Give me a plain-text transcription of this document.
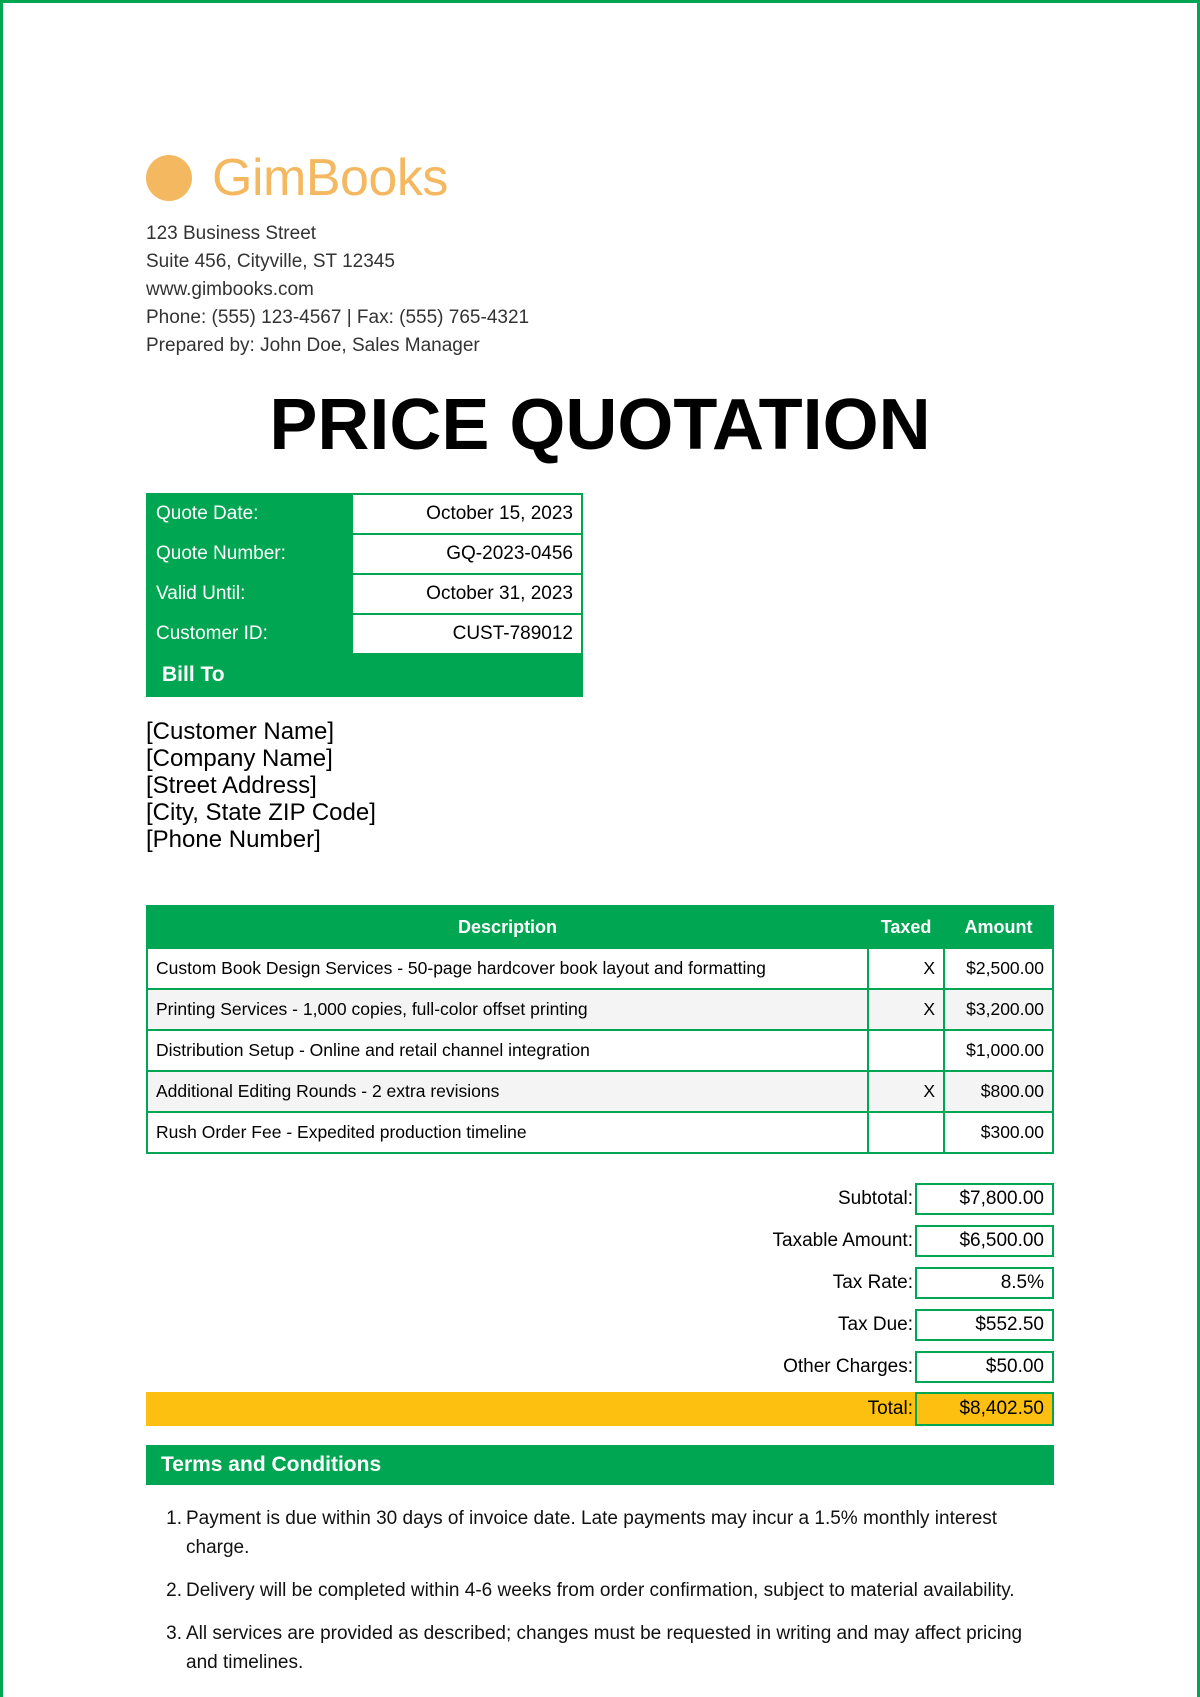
GimBooks
123 Business Street
Suite 456, Cityville, ST 12345
www.gimbooks.com
Phone: (555) 123-4567 | Fax: (555) 765-4321
Prepared by: John Doe, Sales Manager
PRICE QUOTATION
Quote Date:	October 15, 2023
Quote Number:	GQ-2023-0456
Valid Until:	October 31, 2023
Customer ID:	CUST-789012
Bill To
[Customer Name]
[Company Name]
[Street Address]
[City, State ZIP Code]
[Phone Number]
Description	Taxed	Amount
Custom Book Design Services - 50-page hardcover book layout and formatting	X	$2,500.00
Printing Services - 1,000 copies, full-color offset printing	X	$3,200.00
Distribution Setup - Online and retail channel integration		$1,000.00
Additional Editing Rounds - 2 extra revisions	X	$800.00
Rush Order Fee - Expedited production timeline		$300.00
Subtotal:	$7,800.00
Taxable Amount:	$6,500.00
Tax Rate:	8.5%
Tax Due:	$552.50
Other Charges:	$50.00
Total:	$8,402.50
Terms and Conditions
1. Payment is due within 30 days of invoice date. Late payments may incur a 1.5% monthly interest charge.
2. Delivery will be completed within 4-6 weeks from order confirmation, subject to material availability.
3. All services are provided as described; changes must be requested in writing and may affect pricing and timelines.
